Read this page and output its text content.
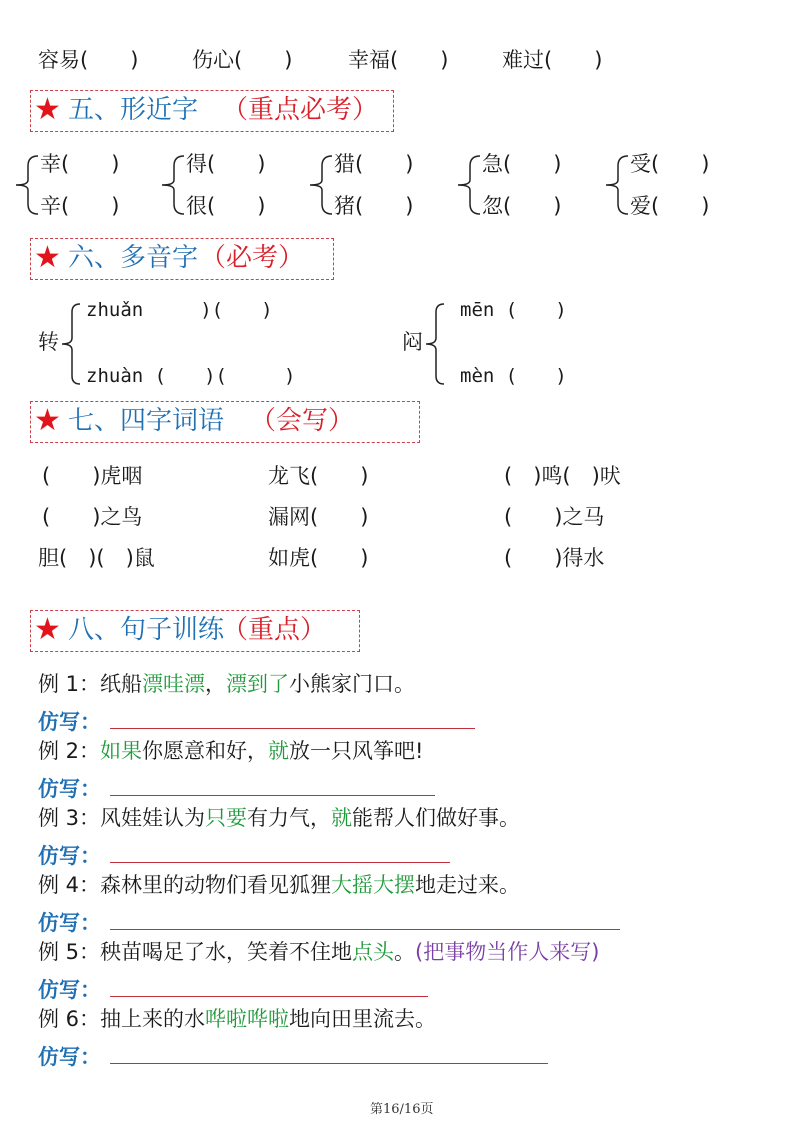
容易(　　)	伤心(　　)	幸福(　　)	难过(　　)
★ 五、形近字 （重点必考）
幸(　　)
辛(　　)
得(　　)
很(　　)
猎(　　)
猪(　　)
急(　　)
忽(　　)
受(　　)
爱(　　)
★ 六、多音字 （必考）
转
zhuǎn　　　)(　　)
zhuàn (　　)(　　　)
闷
mēn (　　)
mèn (　　)
★ 七、四字词语 （会写）
(　　)虎咽	龙飞(　　)	(　)鸣(　)吠
(　　)之鸟	漏网(　　)	(　　)之马
胆(　)(　)鼠	如虎(　　)	(　　)得水
★ 八、句子训练
（重点）
例 1：纸船漂哇漂，漂到了小熊家门口。
仿写：
例 2：如果你愿意和好，就放一只风筝吧!
仿写：
例 3：风娃娃认为只要有力气，就能帮人们做好事。
仿写：
例 4：森林里的动物们看见狐狸大摇大摆地走过来。
仿写：
例 5：秧苗喝足了水，笑着不住地点头。(把事物当作人来写)
仿写：
例 6：抽上来的水哗啦哗啦地向田里流去。
仿写：
第16/16页
